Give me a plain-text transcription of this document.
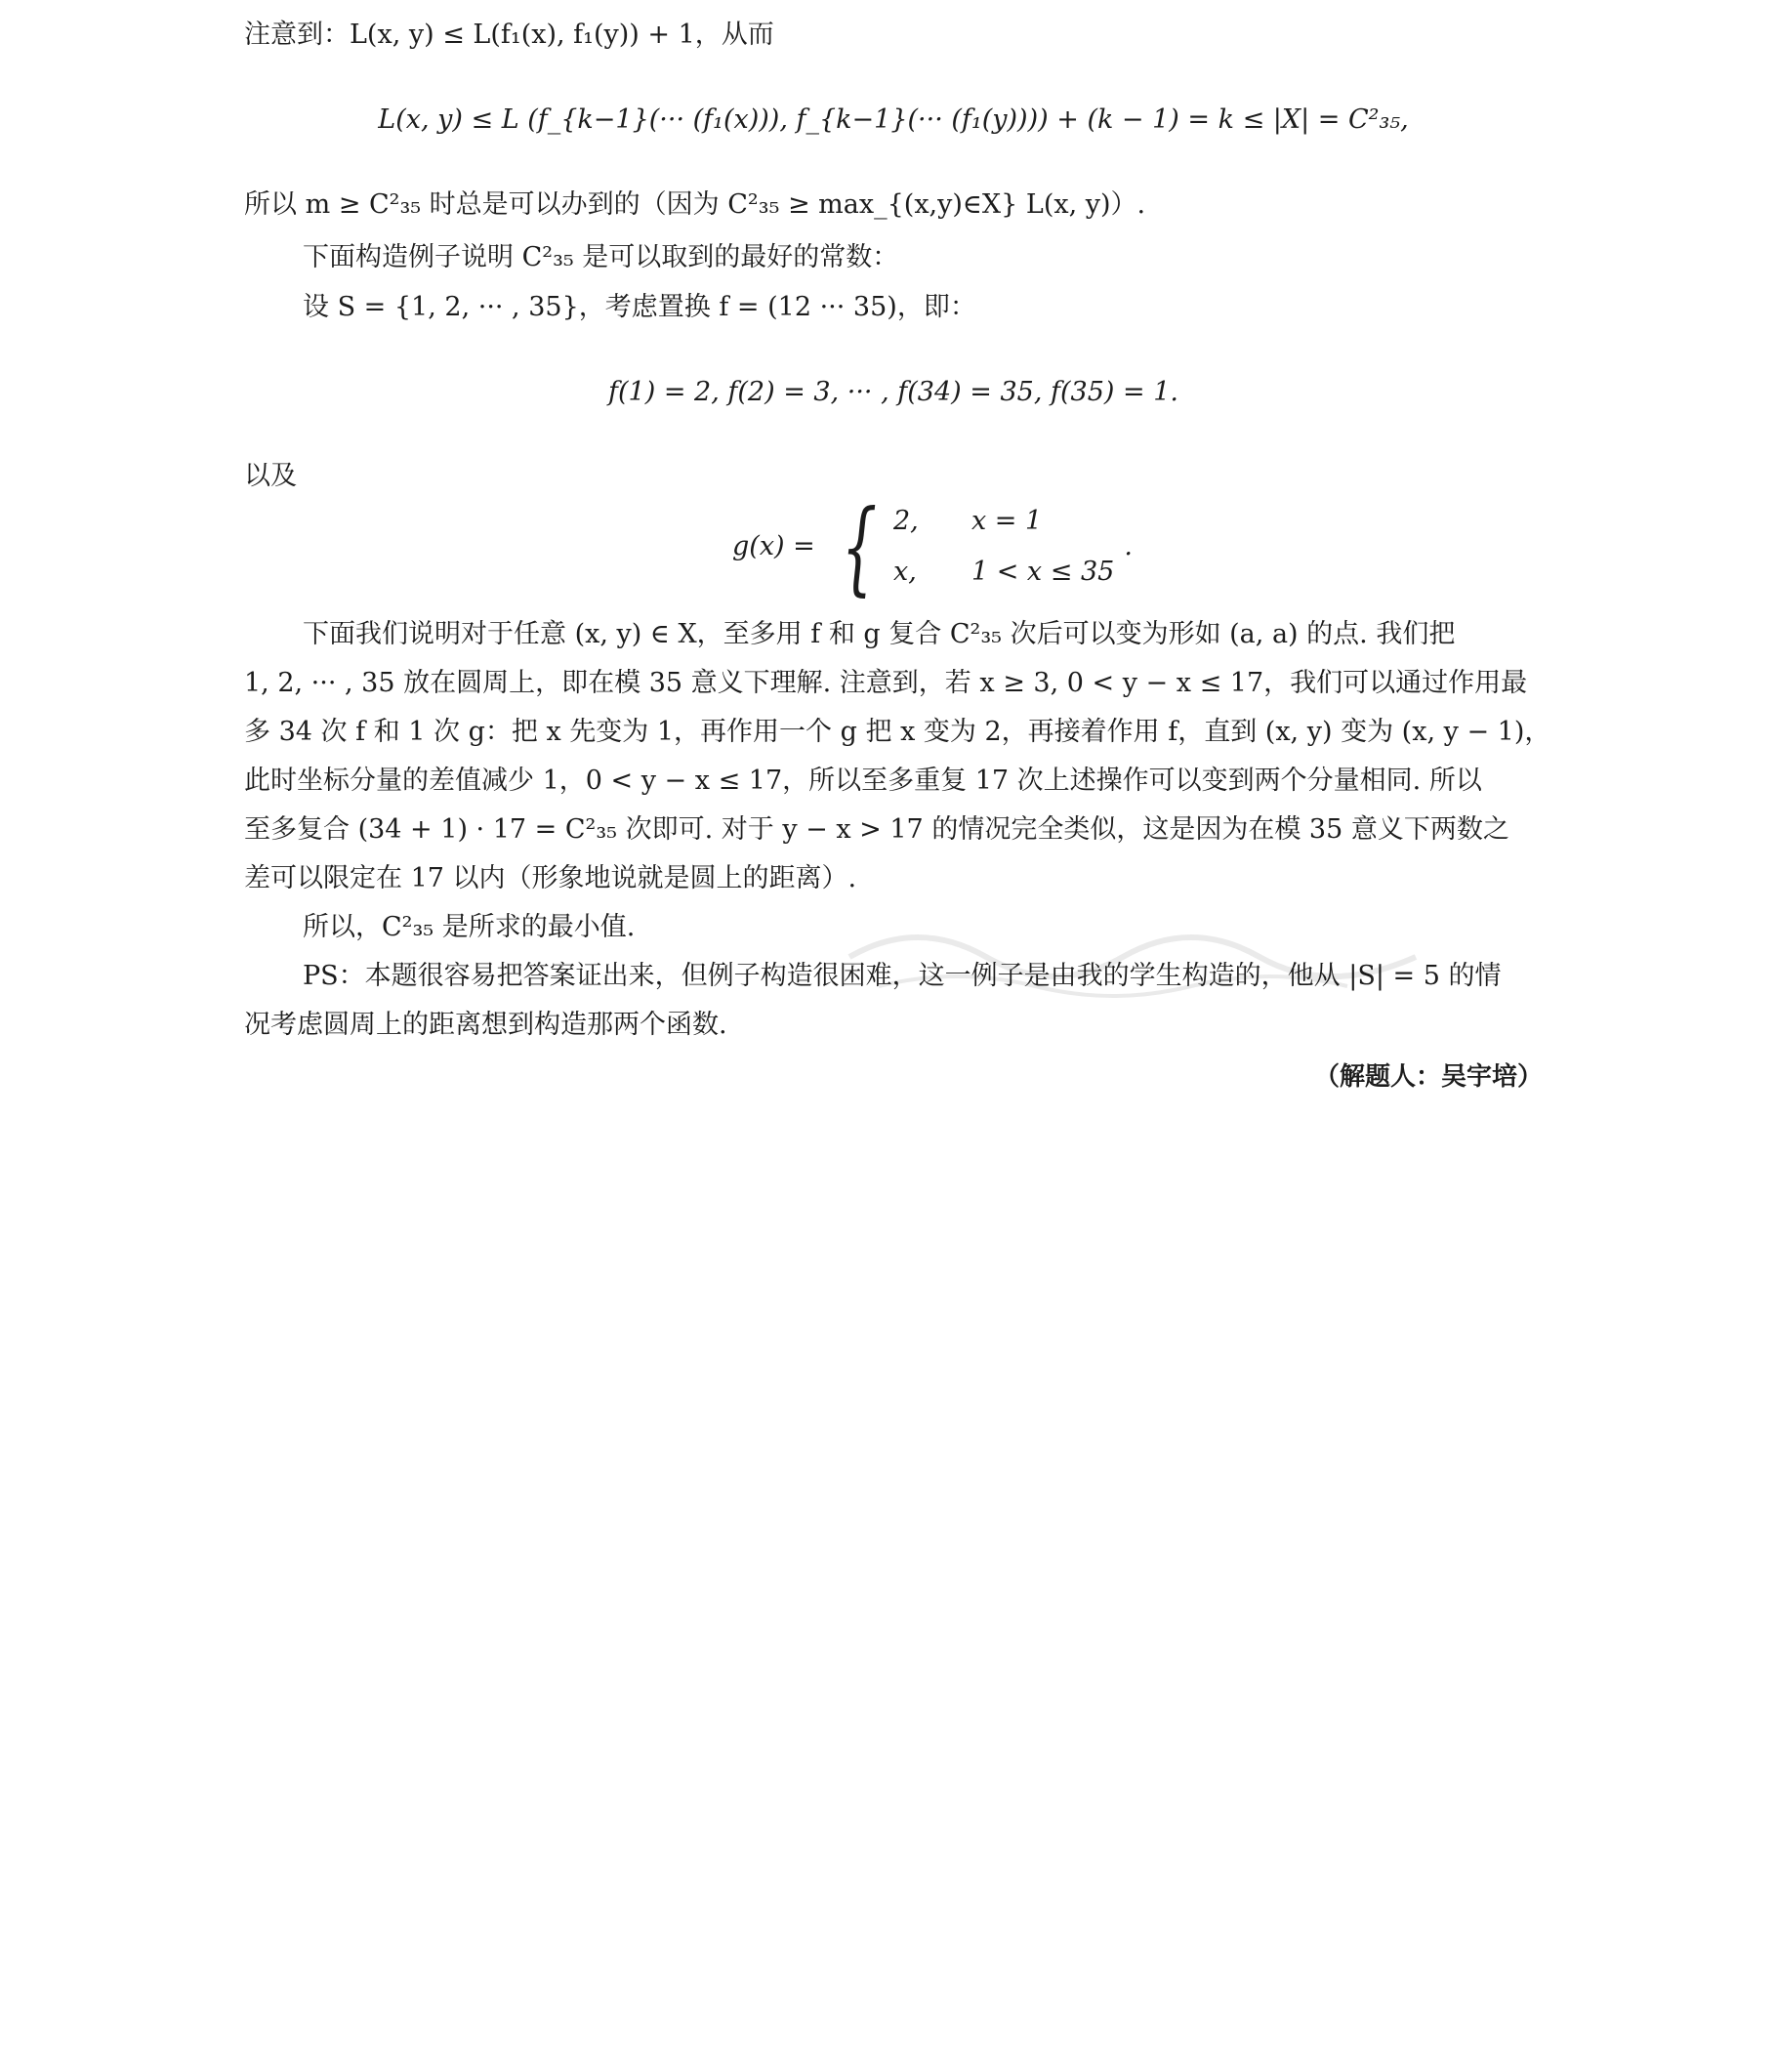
注意到：L(x, y) ≤ L(f₁(x), f₁(y)) + 1，从而
L(x, y) ≤ L (f_{k−1}(··· (f₁(x))), f_{k−1}(··· (f₁(y)))) + (k − 1) = k ≤ |X| = C²₃₅,
所以 m ≥ C²₃₅ 时总是可以办到的（因为 C²₃₅ ≥ max_{(x,y)∈X} L(x, y)）.
下面构造例子说明 C²₃₅ 是可以取到的最好的常数：
设 S = {1, 2, ··· , 35}，考虑置换 f = (12 ··· 35)，即：
f(1) = 2, f(2) = 3, ··· , f(34) = 35, f(35) = 1.
以及
g(x) = { 2,	x = 1
x,	1 < x ≤ 35
.
下面我们说明对于任意 (x, y) ∈ X，至多用 f 和 g 复合 C²₃₅ 次后可以变为形如 (a, a) 的点. 我们把
1, 2, ··· , 35 放在圆周上，即在模 35 意义下理解. 注意到，若 x ≥ 3, 0 < y − x ≤ 17，我们可以通过作用最
多 34 次 f 和 1 次 g：把 x 先变为 1，再作用一个 g 把 x 变为 2，再接着作用 f，直到 (x, y) 变为 (x, y − 1)，
此时坐标分量的差值减少 1，0 < y − x ≤ 17，所以至多重复 17 次上述操作可以变到两个分量相同. 所以
至多复合 (34 + 1) · 17 = C²₃₅ 次即可. 对于 y − x > 17 的情况完全类似，这是因为在模 35 意义下两数之
差可以限定在 17 以内（形象地说就是圆上的距离）.
所以，C²₃₅ 是所求的最小值.
PS：本题很容易把答案证出来，但例子构造很困难，这一例子是由我的学生构造的，他从 |S| = 5 的情
况考虑圆周上的距离想到构造那两个函数.
（解题人：吴宇培）
